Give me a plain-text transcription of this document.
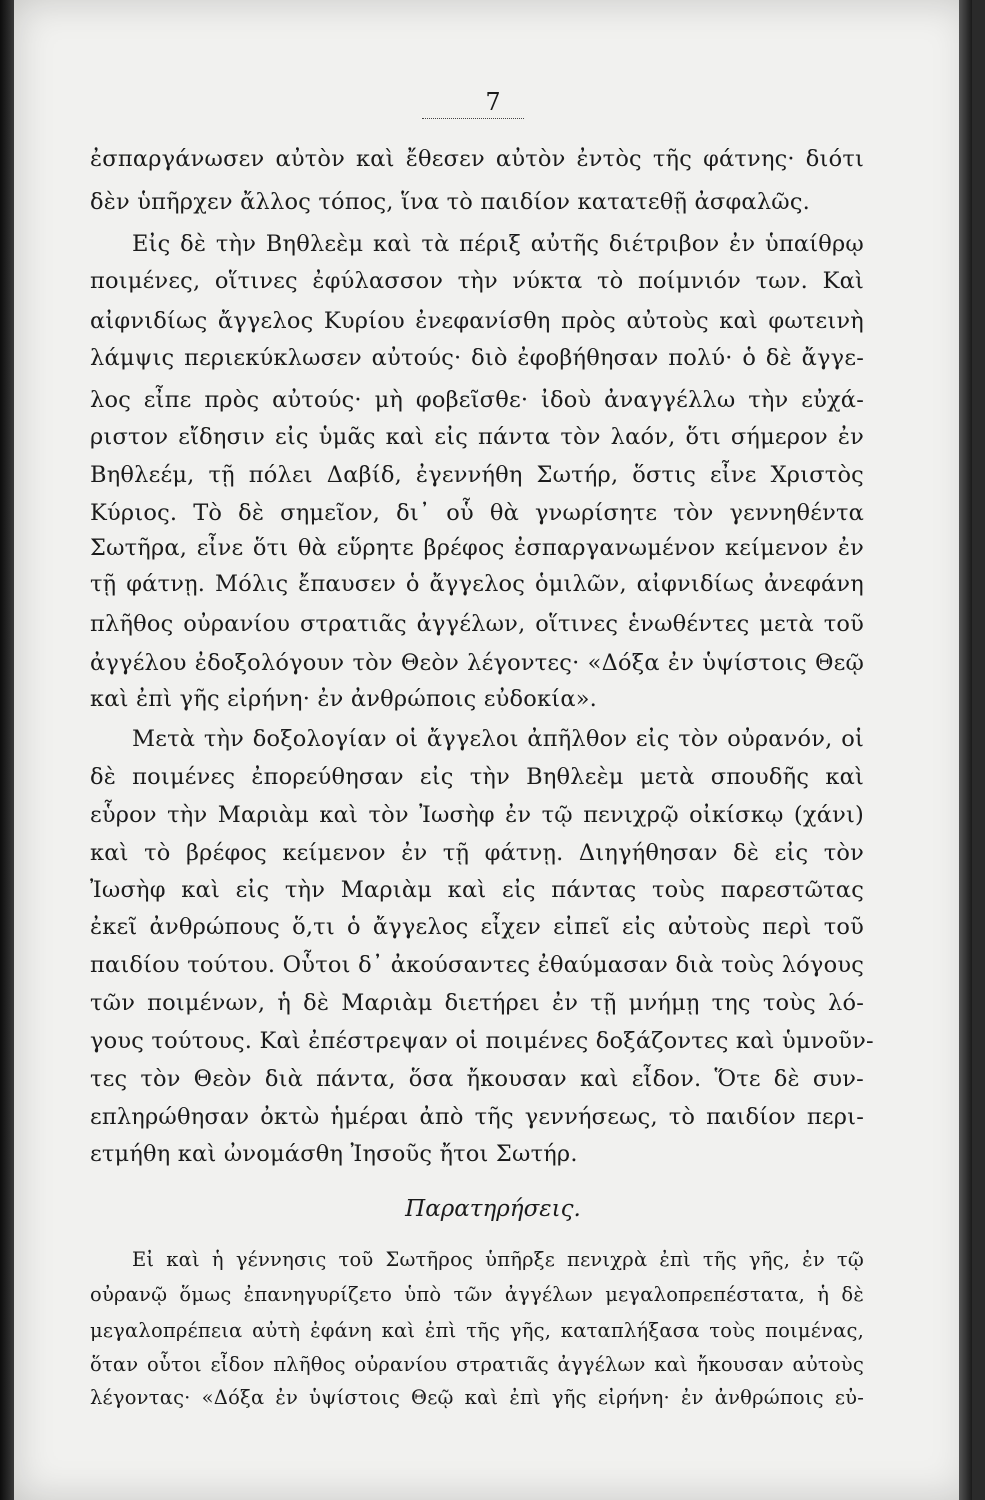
7
ἐσπαργάνωσεν αὐτὸν καὶ ἔθεσεν αὐτὸν ἐντὸς τῆς φάτνης· διότι
δὲν ὑπῆρχεν ἄλλος τόπος, ἵνα τὸ παιδίον κατατεθῇ ἀσφαλῶς.
Εἰς δὲ τὴν Βηθλεὲμ καὶ τὰ πέριξ αὐτῆς διέτριβον ἐν ὑπαίθρῳ
ποιμένες, οἵτινες ἐφύλασσον τὴν νύκτα τὸ ποίμνιόν των. Καὶ
αἰφνιδίως ἄγγελος Κυρίου ἐνεφανίσθη πρὸς αὐτοὺς καὶ φωτεινὴ
λάμψις περιεκύκλωσεν αὐτούς· διὸ ἐφοβήθησαν πολύ· ὁ δὲ ἄγγε-
λος εἶπε πρὸς αὐτούς· μὴ φοβεῖσθε· ἰδοὺ ἀναγγέλλω τὴν εὐχά-
ριστον εἴδησιν εἰς ὑμᾶς καὶ εἰς πάντα τὸν λαόν, ὅτι σήμερον ἐν
Βηθλεέμ, τῇ πόλει Δαβίδ, ἐγεννήθη Σωτήρ, ὅστις εἶνε Χριστὸς
Κύριος. Τὸ δὲ σημεῖον, δι᾿ οὗ θὰ γνωρίσητε τὸν γεννηθέντα
Σωτῆρα, εἶνε ὅτι θὰ εὕρητε βρέφος ἐσπαργανωμένον κείμενον ἐν
τῇ φάτνῃ. Μόλις ἔπαυσεν ὁ ἄγγελος ὁμιλῶν, αἰφνιδίως ἀνεφάνη
πλῆθος οὐρανίου στρατιᾶς ἀγγέλων, οἵτινες ἑνωθέντες μετὰ τοῦ
ἀγγέλου ἐδοξολόγουν τὸν Θεὸν λέγοντες· «Δόξα ἐν ὑψίστοις Θεῷ
καὶ ἐπὶ γῆς εἰρήνη· ἐν ἀνθρώποις εὐδοκία».
Μετὰ τὴν δοξολογίαν οἱ ἄγγελοι ἀπῆλθον εἰς τὸν οὐρανόν, οἱ
δὲ ποιμένες ἐπορεύθησαν εἰς τὴν Βηθλεὲμ μετὰ σπουδῆς καὶ
εὗρον τὴν Μαριὰμ καὶ τὸν Ἰωσὴφ ἐν τῷ πενιχρῷ οἰκίσκῳ (χάνι)
καὶ τὸ βρέφος κείμενον ἐν τῇ φάτνῃ. Διηγήθησαν δὲ εἰς τὸν
Ἰωσὴφ καὶ εἰς τὴν Μαριὰμ καὶ εἰς πάντας τοὺς παρεστῶτας
ἐκεῖ ἀνθρώπους ὅ,τι ὁ ἄγγελος εἶχεν εἰπεῖ εἰς αὐτοὺς περὶ τοῦ
παιδίου τούτου. Οὗτοι δ᾿ ἀκούσαντες ἐθαύμασαν διὰ τοὺς λόγους
τῶν ποιμένων, ἡ δὲ Μαριὰμ διετήρει ἐν τῇ μνήμῃ της τοὺς λό-
γους τούτους. Καὶ ἐπέστρεψαν οἱ ποιμένες δοξάζοντες καὶ ὑμνοῦν-
τες τὸν Θεὸν διὰ πάντα, ὅσα ἤκουσαν καὶ εἶδον. Ὅτε δὲ συν-
επληρώθησαν ὀκτὼ ἡμέραι ἀπὸ τῆς γεννήσεως, τὸ παιδίον περι-
ετμήθη καὶ ὠνομάσθη Ἰησοῦς ἤτοι Σωτήρ.
Παρατηρήσεις.
Εἰ καὶ ἡ γέννησις τοῦ Σωτῆρος ὑπῆρξε πενιχρὰ ἐπὶ τῆς γῆς, ἐν τῷ
οὐρανῷ ὅμως ἐπανηγυρίζετο ὑπὸ τῶν ἀγγέλων μεγαλοπρεπέστατα, ἡ δὲ
μεγαλοπρέπεια αὐτὴ ἐφάνη καὶ ἐπὶ τῆς γῆς, καταπλήξασα τοὺς ποιμένας,
ὅταν οὗτοι εἶδον πλῆθος οὐρανίου στρατιᾶς ἀγγέλων καὶ ἤκουσαν αὐτοὺς
λέγοντας· «Δόξα ἐν ὑψίστοις Θεῷ καὶ ἐπὶ γῆς εἰρήνη· ἐν ἀνθρώποις εὐ-
